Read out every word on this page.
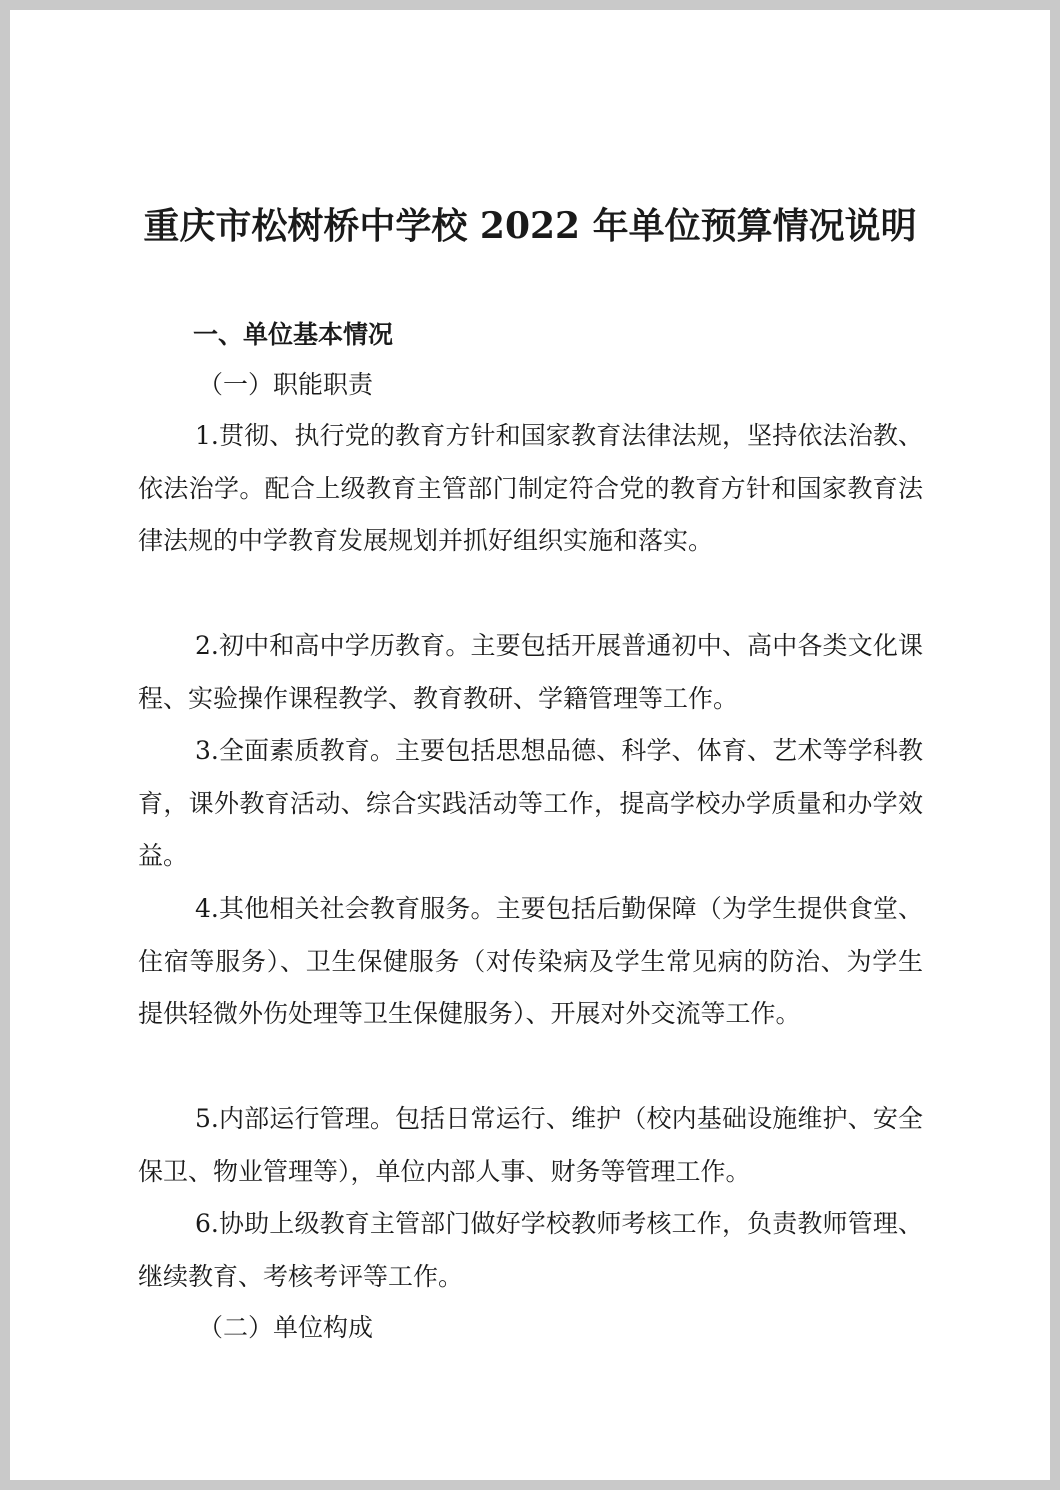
重庆市松树桥中学校 2022 年单位预算情况说明
一、单位基本情况
（一）职能职责

1.贯彻、执行党的教育方针和国家教育法律法规，坚持依法治教、依法治学。配合上级教育主管部门制定符合党的教育方针和国家教育法律法规的中学教育发展规划并抓好组织实施和落实。

2.初中和高中学历教育。主要包括开展普通初中、高中各类文化课程、实验操作课程教学、教育教研、学籍管理等工作。

3.全面素质教育。主要包括思想品德、科学、体育、艺术等学科教育，课外教育活动、综合实践活动等工作，提高学校办学质量和办学效益。

4.其他相关社会教育服务。主要包括后勤保障（为学生提供食堂、住宿等服务）、卫生保健服务（对传染病及学生常见病的防治、为学生提供轻微外伤处理等卫生保健服务）、开展对外交流等工作。

5.内部运行管理。包括日常运行、维护（校内基础设施维护、安全保卫、物业管理等），单位内部人事、财务等管理工作。

6.协助上级教育主管部门做好学校教师考核工作，负责教师管理、继续教育、考核考评等工作。

（二）单位构成
